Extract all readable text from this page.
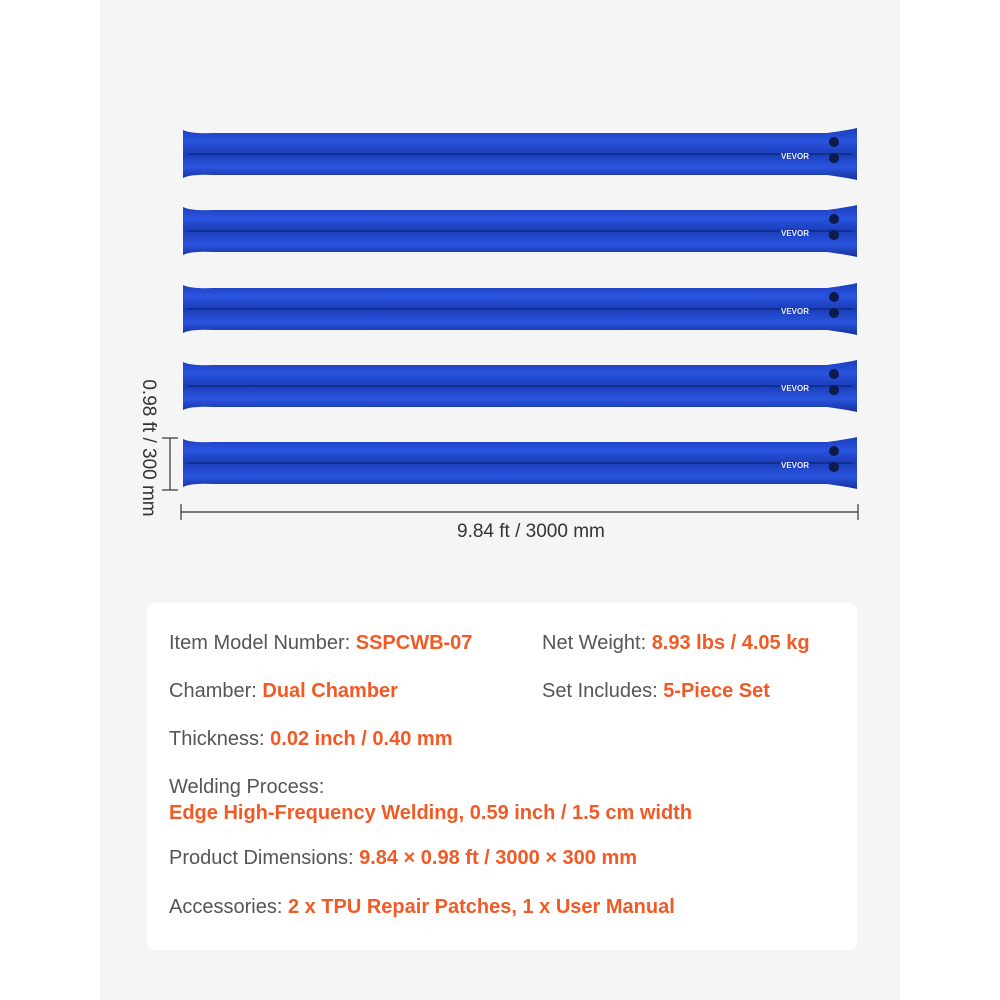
VEVOR
VEVOR
VEVOR
VEVOR
VEVOR
9.84 ft / 3000 mm
0.98 ft / 300 mm
Item Model Number: SSPCWB-07	Net Weight: 8.93 lbs / 4.05 kg
Chamber: Dual Chamber	Set Includes: 5-Piece Set
Thickness: 0.02 inch / 0.40 mm
Welding Process:
Edge High-Frequency Welding, 0.59 inch / 1.5 cm width
Product Dimensions: 9.84 × 0.98 ft / 3000 × 300 mm
Accessories: 2 x TPU Repair Patches, 1 x User Manual
